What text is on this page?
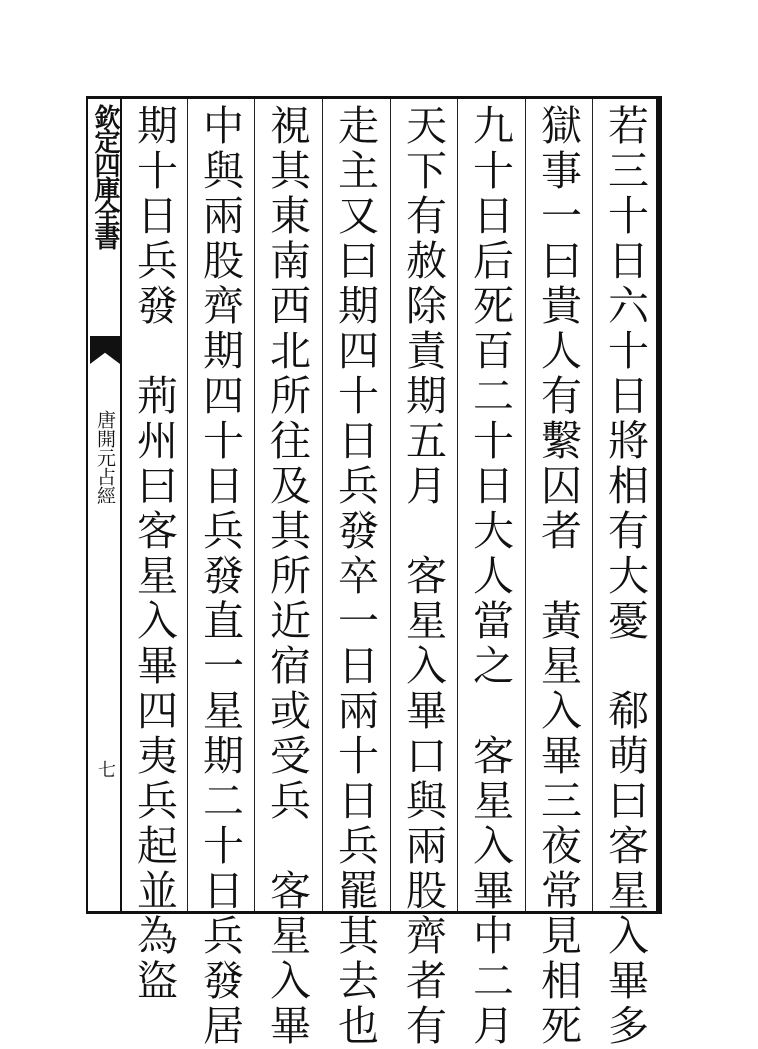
欽定四庫全書
唐開元占經
七	若三十日六十日將相有大憂　郗萌曰客星入畢多
獄事一曰貴人有繫囚者　黃星入畢三夜常見相死
九十日后死百二十日大人當之　客星入畢中二月
天下有赦除責期五月　客星入畢口與兩股齊者有
走主又曰期四十日兵發卒一日兩十日兵罷其去也
視其東南西北所往及其所近宿或受兵　客星入畢
中與兩股齊期四十日兵發直一星期二十日兵發居
期十日兵發　荊州曰客星入畢四夷兵起並為盜
